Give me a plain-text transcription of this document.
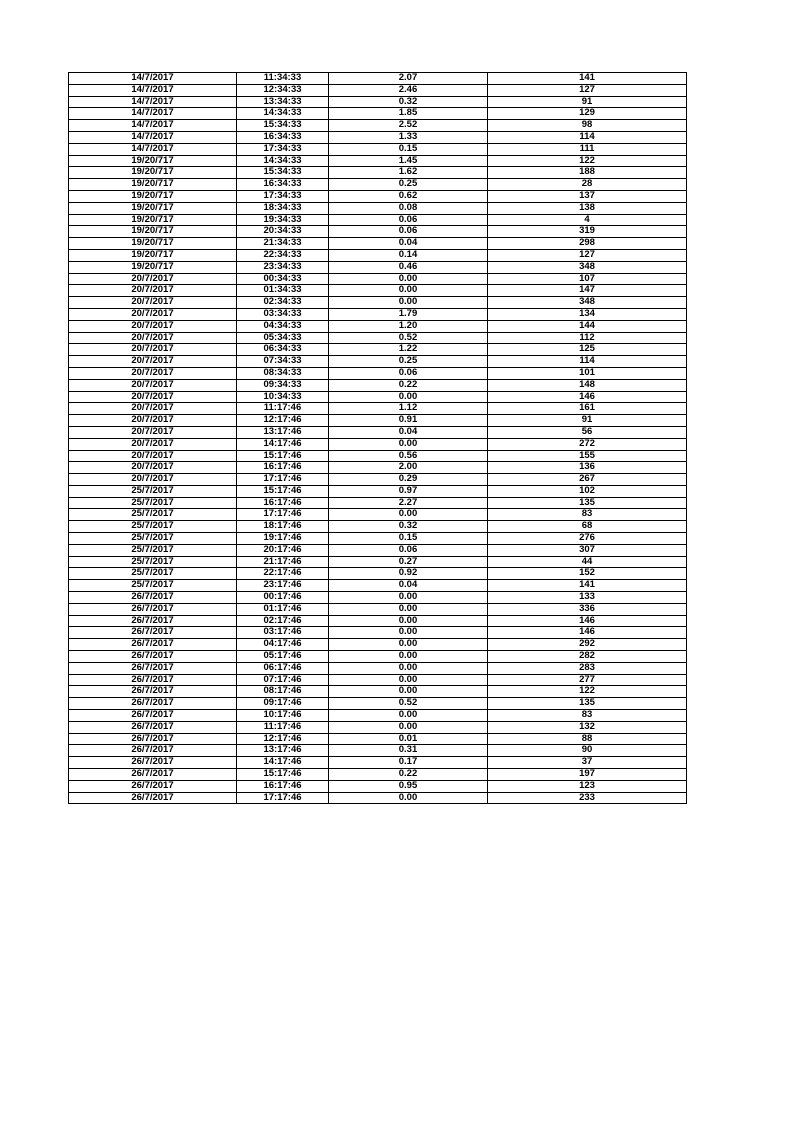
14/7/2017	11:34:33	2.07	141
14/7/2017	12:34:33	2.46	127
14/7/2017	13:34:33	0.32	91
14/7/2017	14:34:33	1.85	129
14/7/2017	15:34:33	2.52	98
14/7/2017	16:34:33	1.33	114
14/7/2017	17:34:33	0.15	111
19/20/717	14:34:33	1.45	122
19/20/717	15:34:33	1.62	188
19/20/717	16:34:33	0.25	28
19/20/717	17:34:33	0.62	137
19/20/717	18:34:33	0.08	138
19/20/717	19:34:33	0.06	4
19/20/717	20:34:33	0.06	319
19/20/717	21:34:33	0.04	298
19/20/717	22:34:33	0.14	127
19/20/717	23:34:33	0.46	348
20/7/2017	00:34:33	0.00	107
20/7/2017	01:34:33	0.00	147
20/7/2017	02:34:33	0.00	348
20/7/2017	03:34:33	1.79	134
20/7/2017	04:34:33	1.20	144
20/7/2017	05:34:33	0.52	112
20/7/2017	06:34:33	1.22	125
20/7/2017	07:34:33	0.25	114
20/7/2017	08:34:33	0.06	101
20/7/2017	09:34:33	0.22	148
20/7/2017	10:34:33	0.00	146
20/7/2017	11:17:46	1.12	161
20/7/2017	12:17:46	0.91	91
20/7/2017	13:17:46	0.04	56
20/7/2017	14:17:46	0.00	272
20/7/2017	15:17:46	0.56	155
20/7/2017	16:17:46	2.00	136
20/7/2017	17:17:46	0.29	267
25/7/2017	15:17:46	0.97	102
25/7/2017	16:17:46	2.27	135
25/7/2017	17:17:46	0.00	83
25/7/2017	18:17:46	0.32	68
25/7/2017	19:17:46	0.15	276
25/7/2017	20:17:46	0.06	307
25/7/2017	21:17:46	0.27	44
25/7/2017	22:17:46	0.92	152
25/7/2017	23:17:46	0.04	141
26/7/2017	00:17:46	0.00	133
26/7/2017	01:17:46	0.00	336
26/7/2017	02:17:46	0.00	146
26/7/2017	03:17:46	0.00	146
26/7/2017	04:17:46	0.00	292
26/7/2017	05:17:46	0.00	282
26/7/2017	06:17:46	0.00	283
26/7/2017	07:17:46	0.00	277
26/7/2017	08:17:46	0.00	122
26/7/2017	09:17:46	0.52	135
26/7/2017	10:17:46	0.00	83
26/7/2017	11:17:46	0.00	132
26/7/2017	12:17:46	0.01	88
26/7/2017	13:17:46	0.31	90
26/7/2017	14:17:46	0.17	37
26/7/2017	15:17:46	0.22	197
26/7/2017	16:17:46	0.95	123
26/7/2017	17:17:46	0.00	233
